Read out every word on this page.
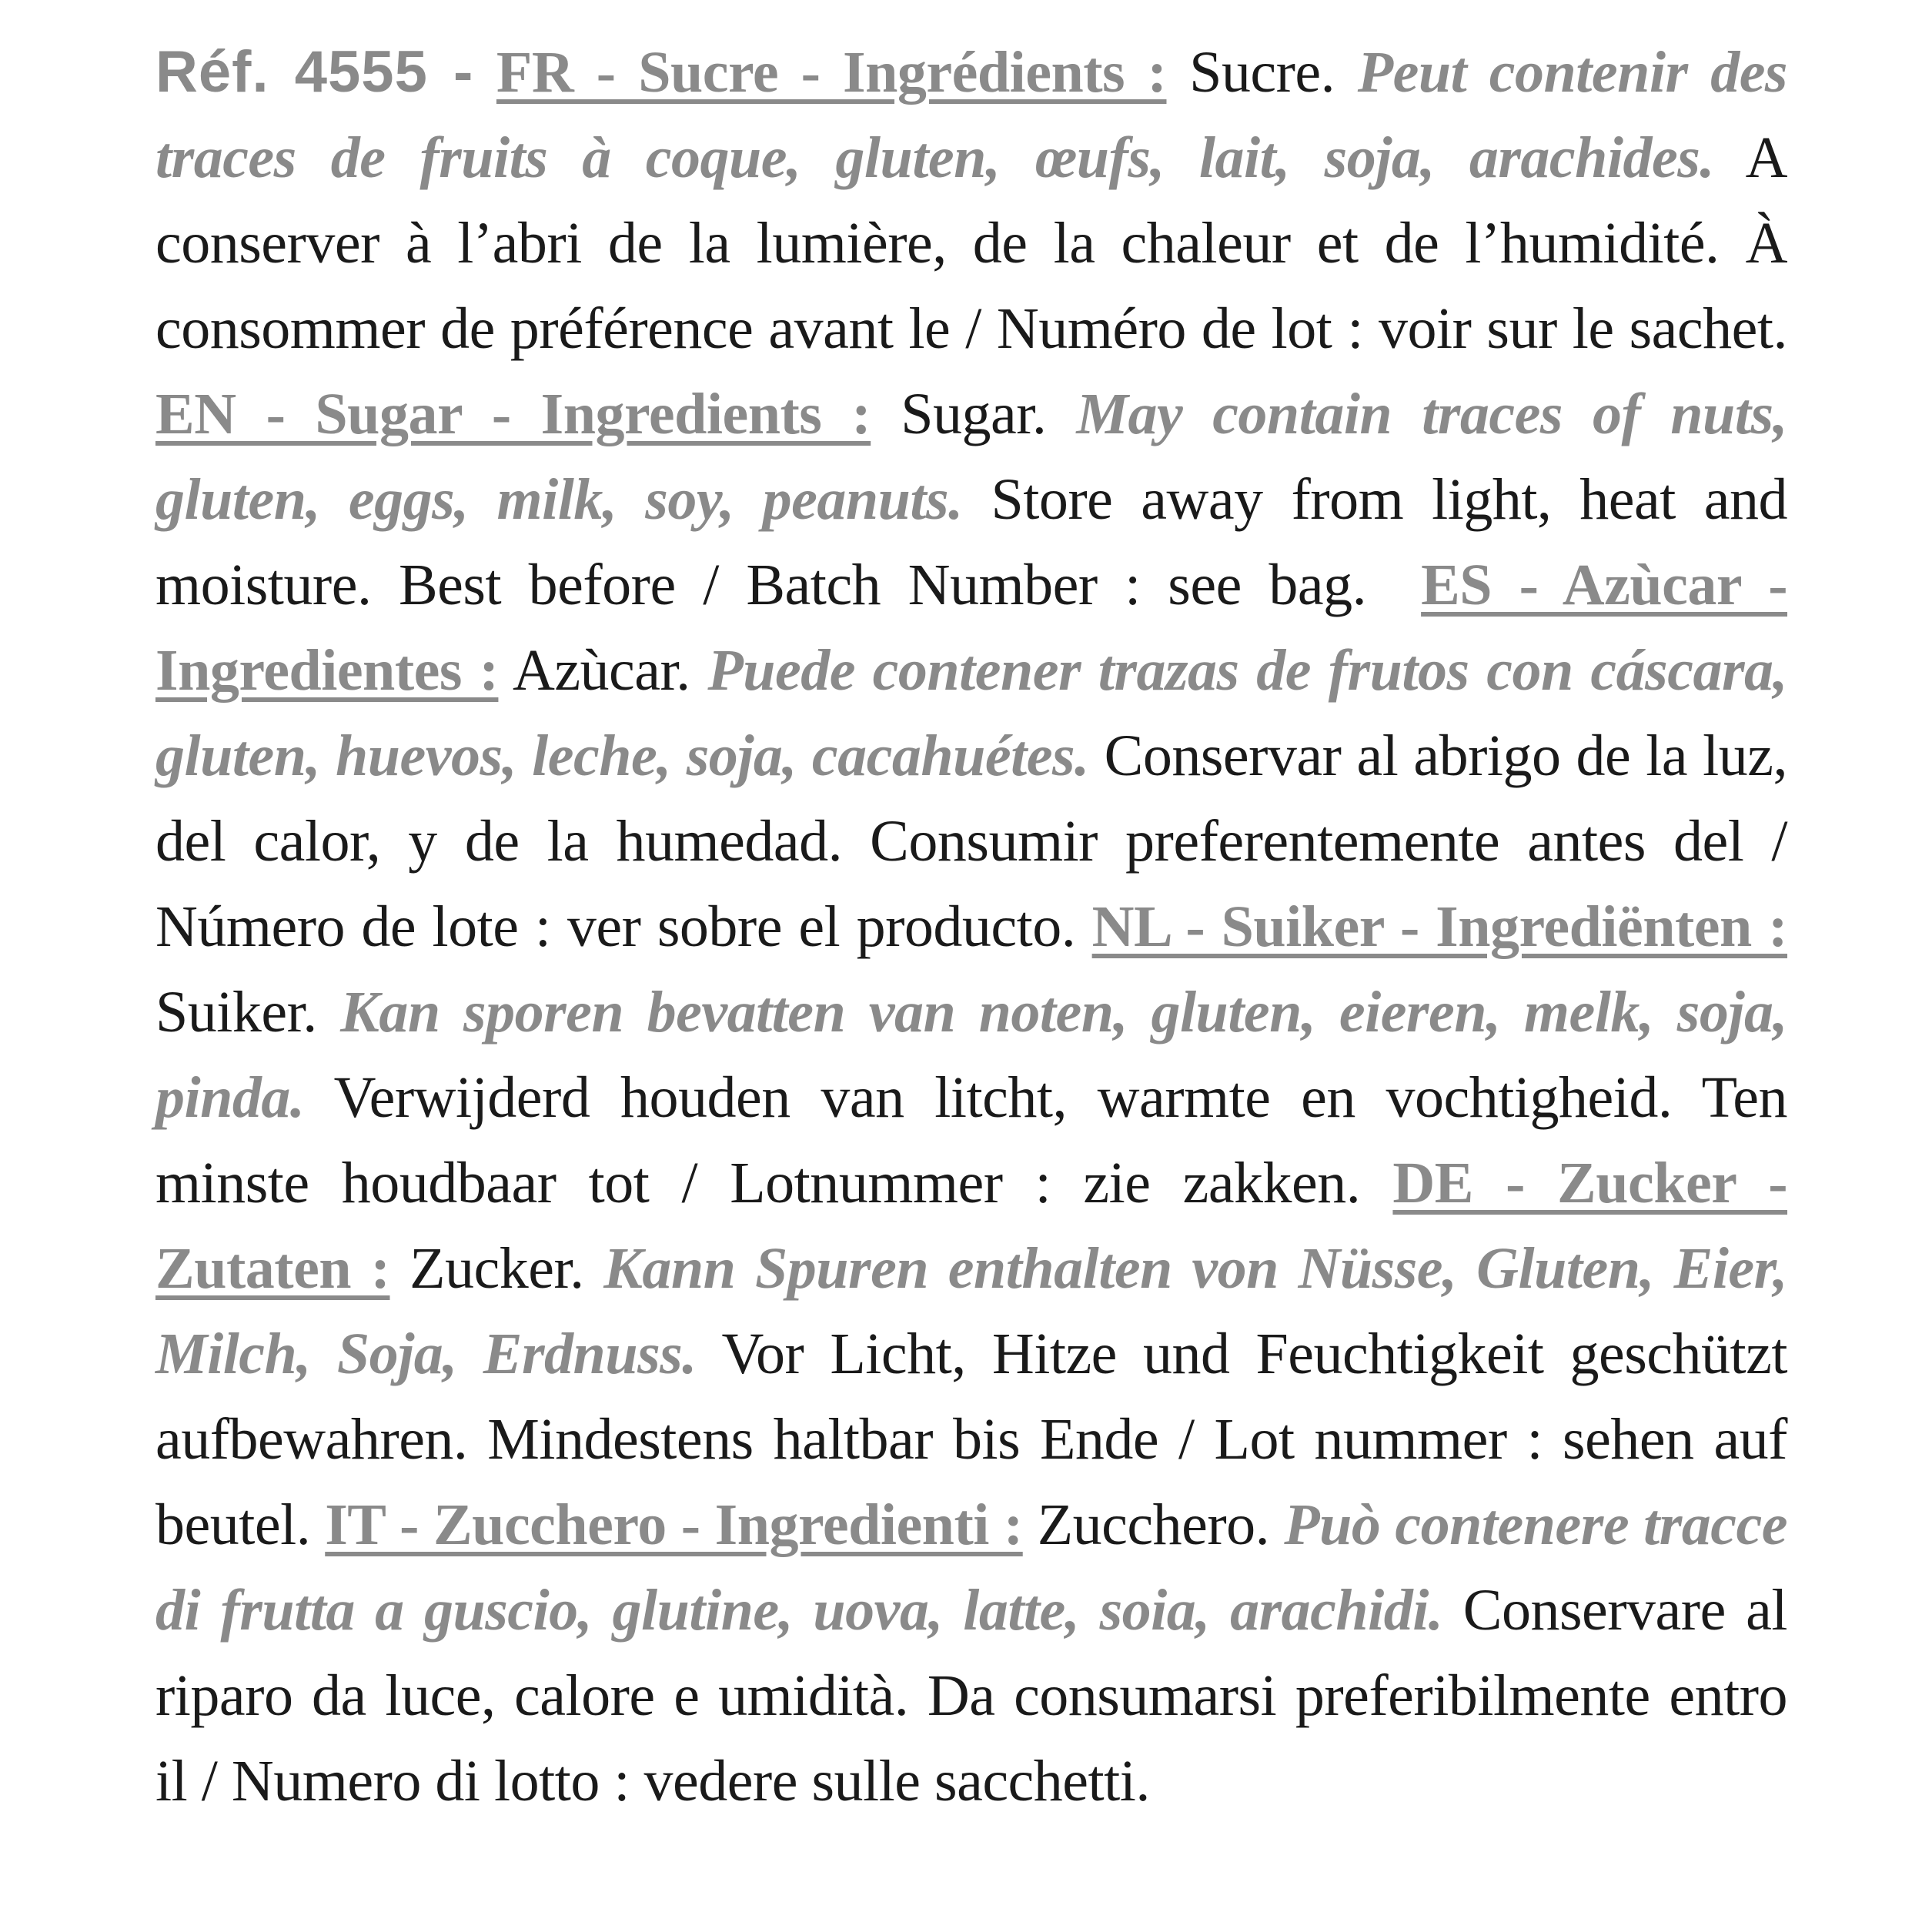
Réf. 4555 - FR - Sucre - Ingrédients : Sucre. Peut contenir des traces de fruits à coque, gluten, œufs, lait, soja, arachides. A conserver à l’abri de la lumière, de la chaleur et de l’humidité. À consommer de préférence avant le / Numéro de lot : voir sur le sachet. EN - Sugar - Ingredients : Sugar. May contain traces of nuts, gluten, eggs, milk, soy, peanuts. Store away from light, heat and moisture. Best before / Batch Number : see bag. ES - Azùcar - Ingredientes : Azùcar. Puede contener trazas de frutos con cáscara, gluten, huevos, leche, soja, cacahuétes. Conservar al abrigo de la luz, del calor, y de la humedad. Consumir preferentemente antes del / Número de lote : ver sobre el producto. NL - Suiker - Ingrediënten : Suiker. Kan sporen bevatten van noten, gluten, eieren, melk, soja, pinda. Verwijderd houden van litcht, warmte en vochtigheid. Ten minste houdbaar tot / Lotnummer : zie zakken. DE - Zucker - Zutaten : Zucker. Kann Spuren enthalten von Nüsse, Gluten, Eier, Milch, Soja, Erdnuss. Vor Licht, Hitze und Feuchtigkeit geschützt aufbewahren. Mindestens haltbar bis Ende / Lot nummer : sehen auf beutel. IT - Zucchero - Ingredienti : Zucchero. Può contenere tracce di frutta a guscio, glutine, uova, latte, soia, arachidi. Conservare al riparo da luce, calore e umidità. Da consumarsi preferibilmente entro il / Numero di lotto : vedere sulle sacchetti.
